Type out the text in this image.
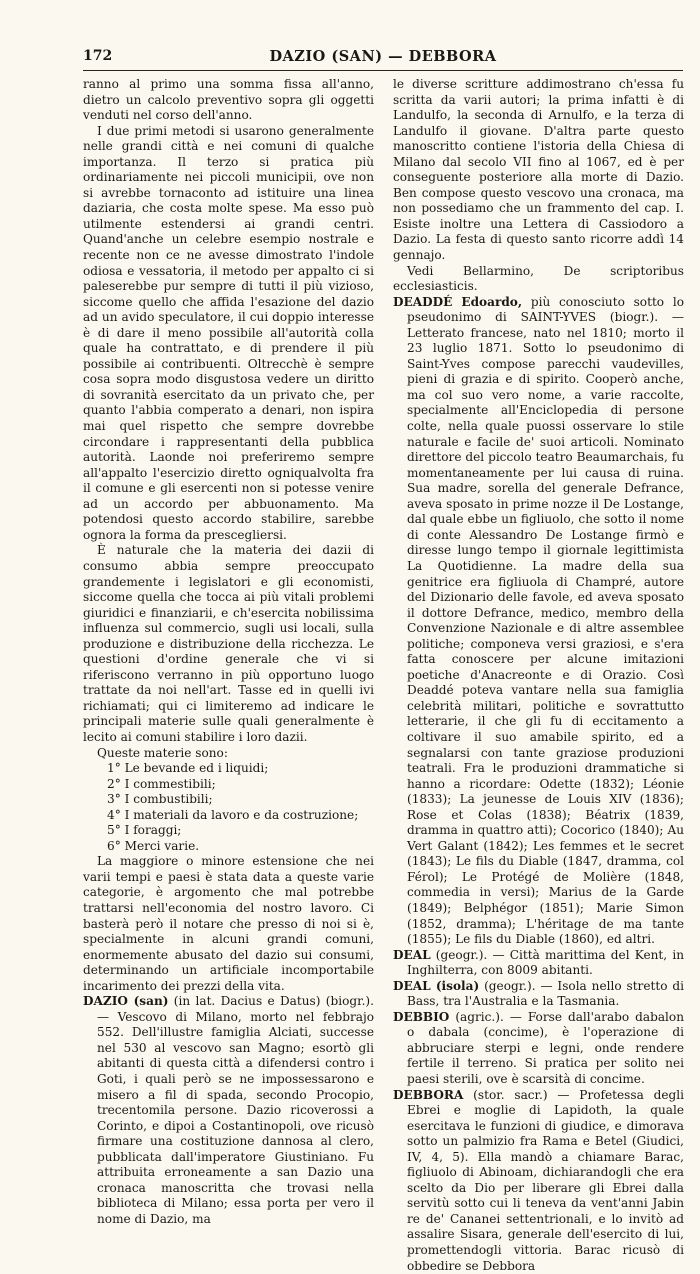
172	DAZIO (SAN) — DEBBORA

ranno al primo una somma fissa all'anno, dietro un calcolo preventivo sopra gli oggetti venduti nel corso dell'anno.

I due primi metodi si usarono generalmente nelle grandi città e nei comuni di qualche importanza. Il terzo si pratica più ordinariamente nei piccoli municipii, ove non si avrebbe tornaconto ad istituire una linea daziaria, che costa molte spese. Ma esso può utilmente estendersi ai grandi centri. Quand'anche un celebre esempio nostrale e recente non ce ne avesse dimostrato l'indole odiosa e vessatoria, il metodo per appalto ci si paleserebbe pur sempre di tutti il più vizioso, siccome quello che affida l'esazione del dazio ad un avido speculatore, il cui doppio interesse è di dare il meno possibile all'autorità colla quale ha contrattato, e di prendere il più possibile ai contribuenti. Oltrecchè è sempre cosa sopra modo disgustosa vedere un diritto di sovranità esercitato da un privato che, per quanto l'abbia comperato a denari, non ispira mai quel rispetto che sempre dovrebbe circondare i rappresentanti della pubblica autorità. Laonde noi preferiremo sempre all'appalto l'esercizio diretto ogniqualvolta fra il comune e gli esercenti non si potesse venire ad un accordo per abbuonamento. Ma potendosi questo accordo stabilire, sarebbe ognora la forma da prescegliersi.

È naturale che la materia dei dazii di consumo abbia sempre preoccupato grandemente i legislatori e gli economisti, siccome quella che tocca ai più vitali problemi giuridici e finanziarii, e ch'esercita nobilissima influenza sul commercio, sugli usi locali, sulla produzione e distribuzione della ricchezza. Le questioni d'ordine generale che vi si riferiscono verranno in più opportuno luogo trattate da noi nell'art. Tasse ed in quelli ivi richiamati; qui ci limiteremo ad indicare le principali materie sulle quali generalmente è lecito ai comuni stabilire i loro dazii.

Queste materie sono:

1° Le bevande ed i liquidi;
2° I commestibili;
3° I combustibili;
4° I materiali da lavoro e da costruzione;
5° I foraggi;
6° Merci varie.

La maggiore o minore estensione che nei varii tempi e paesi è stata data a queste varie categorie, è argomento che mal potrebbe trattarsi nell'economia del nostro lavoro. Ci basterà però il notare che presso di noi si è, specialmente in alcuni grandi comuni, enormemente abusato del dazio sui consumi, determinando un artificiale incomportabile incarimento dei prezzi della vita.

DAZIO (san) (in lat. Dacius e Datus) (biogr.). — Vescovo di Milano, morto nel febbrajo 552. Dell'illustre famiglia Alciati, successe nel 530 al vescovo san Magno; esortò gli abitanti di questa città a difendersi contro i Goti, i quali però se ne impossessarono e misero a fil di spada, secondo Procopio, trecentomila persone. Dazio ricoverossi a Corinto, e dipoi a Costantinopoli, ove ricusò firmare una costituzione dannosa al clero, pubblicata dall'imperatore Giustiniano. Fu attribuita erroneamente a san Dazio una cronaca manoscritta che trovasi nella biblioteca di Milano; essa porta per vero il nome di Dazio, ma

le diverse scritture addimostrano ch'essa fu scritta da varii autori; la prima infatti è di Landulfo, la seconda di Arnulfo, e la terza di Landulfo il giovane. D'altra parte questo manoscritto contiene l'istoria della Chiesa di Milano dal secolo VII fino al 1067, ed è per conseguente posteriore alla morte di Dazio. Ben compose questo vescovo una cronaca, ma non possediamo che un frammento del cap. I. Esiste inoltre una Lettera di Cassiodoro a Dazio. La festa di questo santo ricorre addì 14 gennajo.

Vedi Bellarmino, De scriptoribus ecclesiasticis.

DEADDÉ Edoardo, più conosciuto sotto lo pseudonimo di SAINT-YVES (biogr.). — Letterato francese, nato nel 1810; morto il 23 luglio 1871. Sotto lo pseudonimo di Saint-Yves compose parecchi vaudevilles, pieni di grazia e di spirito. Cooperò anche, ma col suo vero nome, a varie raccolte, specialmente all'Enciclopedia di persone colte, nella quale puossi osservare lo stile naturale e facile de' suoi articoli. Nominato direttore del piccolo teatro Beaumarchais, fu momentaneamente per lui causa di ruina. Sua madre, sorella del generale Defrance, aveva sposato in prime nozze il De Lostange, dal quale ebbe un figliuolo, che sotto il nome di conte Alessandro De Lostange firmò e diresse lungo tempo il giornale legittimista La Quotidienne. La madre della sua genitrice era figliuola di Champré, autore del Dizionario delle favole, ed aveva sposato il dottore Defrance, medico, membro della Convenzione Nazionale e di altre assemblee politiche; componeva versi graziosi, e s'era fatta conoscere per alcune imitazioni poetiche d'Anacreonte e di Orazio. Così Deaddé poteva vantare nella sua famiglia celebrità militari, politiche e sovrattutto letterarie, il che gli fu di eccitamento a coltivare il suo amabile spirito, ed a segnalarsi con tante graziose produzioni teatrali. Fra le produzioni drammatiche si hanno a ricordare: Odette (1832); Léonie (1833); La jeunesse de Louis XIV (1836); Rose et Colas (1838); Béatrix (1839, dramma in quattro atti); Cocorico (1840); Au Vert Galant (1842); Les femmes et le secret (1843); Le fils du Diable (1847, dramma, col Férol); Le Protégé de Molière (1848, commedia in versi); Marius de la Garde (1849); Belphégor (1851); Marie Simon (1852, dramma); L'héritage de ma tante (1855); Le fils du Diable (1860), ed altri.

DEAL (geogr.). — Città marittima del Kent, in Inghilterra, con 8009 abitanti.

DEAL (isola) (geogr.). — Isola nello stretto di Bass, tra l'Australia e la Tasmania.

DEBBIO (agric.). — Forse dall'arabo dabalon o dabala (concime), è l'operazione di abbruciare sterpi e legni, onde rendere fertile il terreno. Si pratica per solito nei paesi sterili, ove è scarsità di concime.

DEBBORA (stor. sacr.) — Profetessa degli Ebrei e moglie di Lapidoth, la quale esercitava le funzioni di giudice, e dimorava sotto un palmizio fra Rama e Betel (Giudici, IV, 4, 5). Ella mandò a chiamare Barac, figliuolo di Abinoam, dichiarandogli che era scelto da Dio per liberare gli Ebrei dalla servitù sotto cui li teneva da vent'anni Jabin re de' Cananei settentrionali, e lo invitò ad assalire Sisara, generale dell'esercito di lui, promettendogli vittoria. Barac ricusò di obbedire se Debbora
